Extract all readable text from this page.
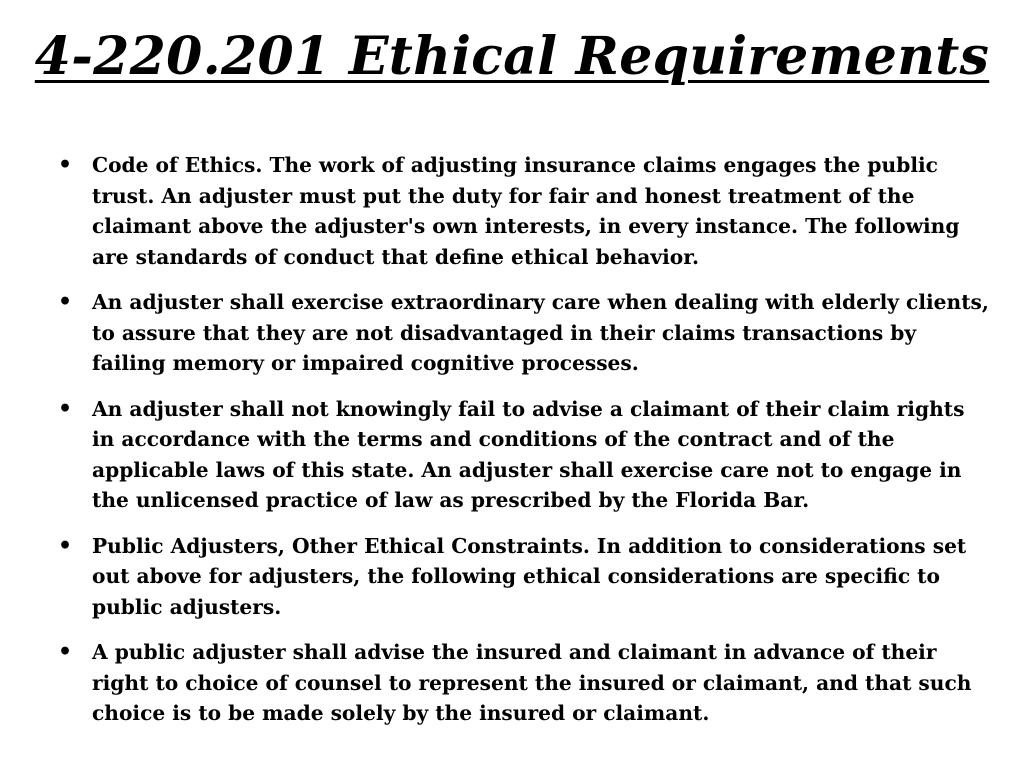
4-220.201 Ethical Requirements
• Code of Ethics. The work of adjusting insurance claims engages the public trust. An adjuster must put the duty for fair and honest treatment of the claimant above the adjuster's own interests, in every instance. The following are standards of conduct that define ethical behavior.
• An adjuster shall exercise extraordinary care when dealing with elderly clients, to assure that they are not disadvantaged in their claims transactions by failing memory or impaired cognitive processes.
• An adjuster shall not knowingly fail to advise a claimant of their claim rights in accordance with the terms and conditions of the contract and of the applicable laws of this state. An adjuster shall exercise care not to engage in the unlicensed practice of law as prescribed by the Florida Bar.
• Public Adjusters, Other Ethical Constraints. In addition to considerations set out above for adjusters, the following ethical considerations are specific to public adjusters.
• A public adjuster shall advise the insured and claimant in advance of their right to choice of counsel to represent the insured or claimant, and that such choice is to be made solely by the insured or claimant.
